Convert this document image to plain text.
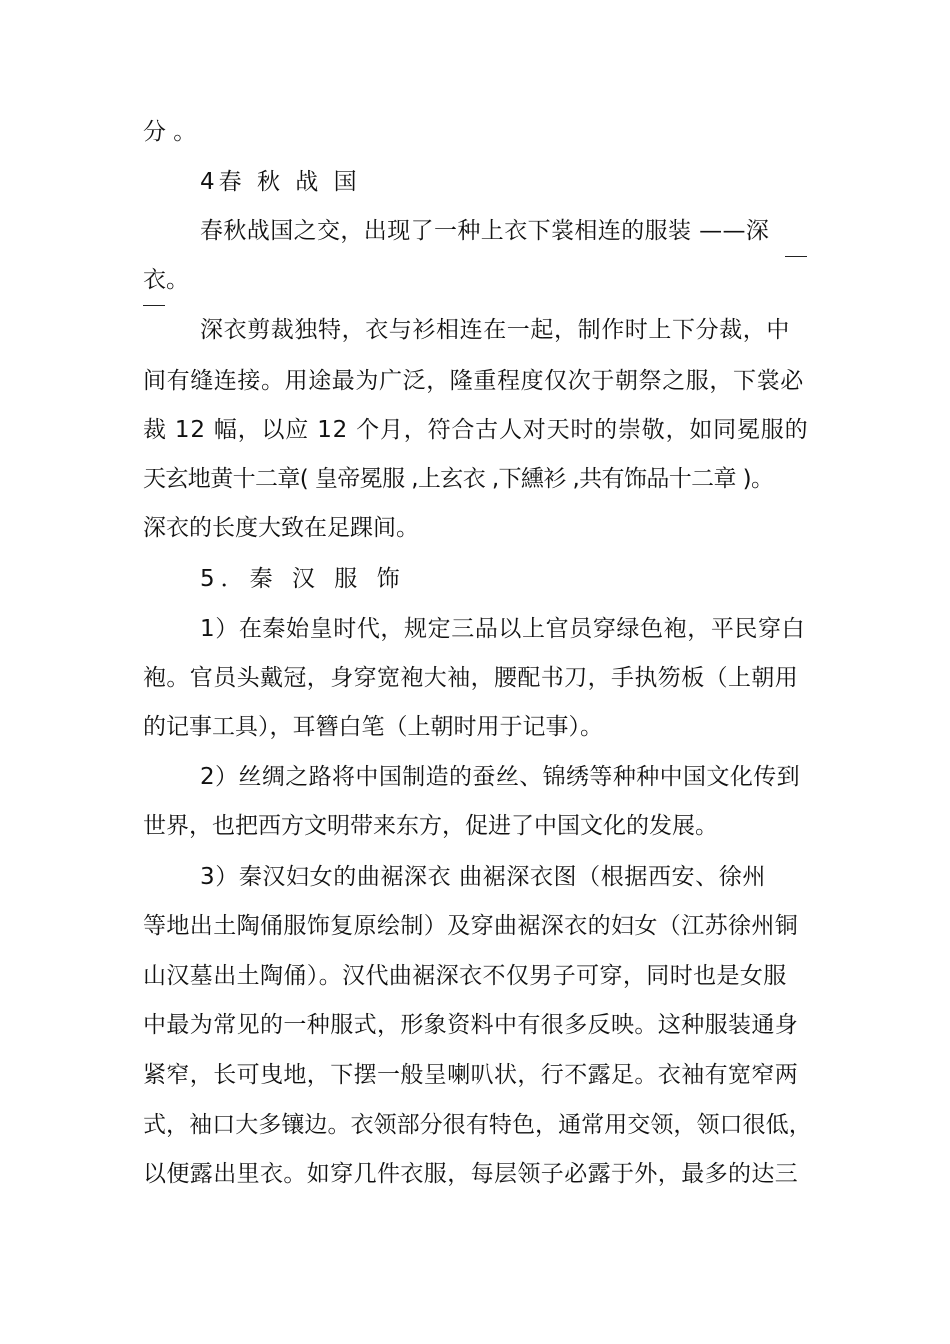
分 。

4春 秋 战 国

春秋战国之交，出现了一种上衣下裳相连的服装 ——深

衣。

深衣剪裁独特，衣与衫相连在一起，制作时上下分裁，中

间有缝连接。用途最为广泛，隆重程度仅次于朝祭之服，下裳必

裁 12 幅，以应 12 个月，符合古人对天时的崇敬，如同冕服的

天玄地黄十二章( 皇帝冕服 ,上玄衣 ,下纁衫 ,共有饰品十二章 )。

深衣的长度大致在足踝间。

5．秦 汉 服 饰

1）在秦始皇时代，规定三品以上官员穿绿色袍，平民穿白

袍。官员头戴冠，身穿宽袍大袖，腰配书刀，手执笏板（上朝用

的记事工具），耳簪白笔（上朝时用于记事）。

2）丝绸之路将中国制造的蚕丝、锦绣等种种中国文化传到

世界，也把西方文明带来东方，促进了中国文化的发展。

3）秦汉妇女的曲裾深衣 曲裾深衣图（根据西安、徐州

等地出土陶俑服饰复原绘制）及穿曲裾深衣的妇女（江苏徐州铜

山汉墓出土陶俑）。汉代曲裾深衣不仅男子可穿，同时也是女服

中最为常见的一种服式，形象资料中有很多反映。这种服装通身

紧窄，长可曳地，下摆一般呈喇叭状，行不露足。衣袖有宽窄两

式，袖口大多镶边。衣领部分很有特色，通常用交领，领口很低，

以便露出里衣。如穿几件衣服，每层领子必露于外，最多的达三
